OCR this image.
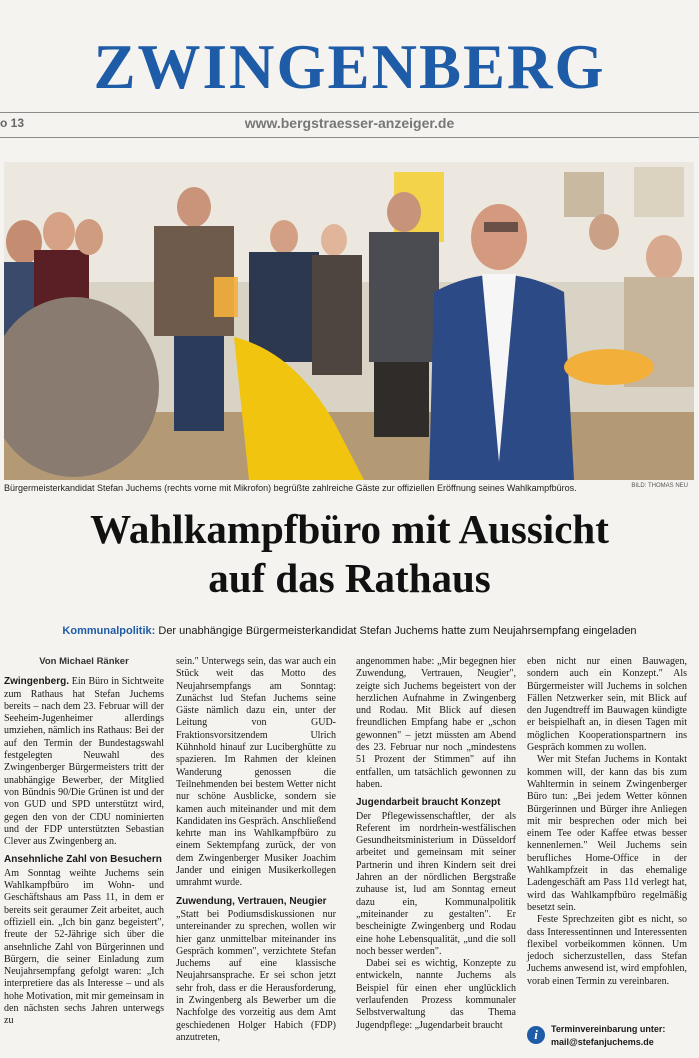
ZWINGENBERG
o 13	www.bergstraesser-anzeiger.de
Bürgermeisterkandidat Stefan Juchems (rechts vorne mit Mikrofon) begrüßte zahlreiche Gäste zur offiziellen Eröffnung seines Wahlkampfbüros.	BILD: THOMAS NEU
Wahlkampfbüro mit Aussicht
auf das Rathaus
Kommunalpolitik: Der unabhängige Bürgermeisterkandidat Stefan Juchems hatte zum Neujahrsempfang eingeladen
Von Michael Ränker

Zwingenberg. Ein Büro in Sichtweite zum Rathaus hat Stefan Juchems bereits – nach dem 23. Februar will der Seeheim-Jugenheimer allerdings umziehen, nämlich ins Rathaus: Bei der auf den Termin der Bundestagswahl festgelegten Neuwahl des Zwingenberger Bürgermeisters tritt der unabhängige Bewerber, der Mitglied von Bündnis 90/Die Grünen ist und der von GUD und SPD unterstützt wird, gegen den von der CDU nominierten und der FDP unterstützten Sebastian Clever aus Zwingenberg an.

Ansehnliche Zahl von Besuchern

Am Sonntag weihte Juchems sein Wahlkampfbüro im Wohn- und Geschäftshaus am Pass 11, in dem er bereits seit geraumer Zeit arbeitet, auch offiziell ein. „Ich bin ganz begeistert", freute der 52-Jährige sich über die ansehnliche Zahl von Bürgerinnen und Bürgern, die seiner Einladung zum Neujahrsempfang gefolgt waren: „Ich interpretiere das als Interesse – und als hohe Motivation, mit mir gemeinsam in den nächsten sechs Jahren unterwegs zu

sein." Unterwegs sein, das war auch ein Stück weit das Motto des Neujahrsempfangs am Sonntag: Zunächst lud Stefan Juchems seine Gäste nämlich dazu ein, unter der Leitung von GUD-Fraktionsvorsitzendem Ulrich Kühnhold hinauf zur Luciberghütte zu spazieren. Im Rahmen der kleinen Wanderung genossen die Teilnehmenden bei bestem Wetter nicht nur schöne Ausblicke, sondern sie kamen auch miteinander und mit dem Kandidaten ins Gespräch. Anschließend kehrte man ins Wahlkampfbüro zu einem Sektempfang zurück, der von dem Zwingenberger Musiker Joachim Jander und einigen Musikerkollegen umrahmt wurde.

Zuwendung, Vertrauen, Neugier

„Statt bei Podiumsdiskussionen nur untereinander zu sprechen, wollen wir hier ganz unmittelbar miteinander ins Gespräch kommen", verzichtete Stefan Juchems auf eine klassische Neujahrsansprache. Er sei schon jetzt sehr froh, dass er die Herausforderung, in Zwingenberg als Bewerber um die Nachfolge des vorzeitig aus dem Amt geschiedenen Holger Habich (FDP) anzutreten,

angenommen habe: „Mir begegnen hier Zuwendung, Vertrauen, Neugier", zeigte sich Juchems begeistert von der herzlichen Aufnahme in Zwingenberg und Rodau. Mit Blick auf diesen freundlichen Empfang habe er „schon gewonnen" – jetzt müssten am Abend des 23. Februar nur noch „mindestens 51 Prozent der Stimmen" auf ihn entfallen, um tatsächlich gewonnen zu haben.

Jugendarbeit braucht Konzept

Der Pflegewissenschaftler, der als Referent im nordrhein-westfälischen Gesundheitsministerium in Düsseldorf arbeitet und gemeinsam mit seiner Partnerin und ihren Kindern seit drei Jahren an der nördlichen Bergstraße zuhause ist, lud am Sonntag erneut dazu ein, Kommunalpolitik „miteinander zu gestalten". Er bescheinigte Zwingenberg und Rodau eine hohe Lebensqualität, „und die soll noch besser werden".

Dabei sei es wichtig, Konzepte zu entwickeln, nannte Juchems als Beispiel für einen eher unglücklich verlaufenden Prozess kommunaler Selbstverwaltung das Thema Jugendpflege: „Jugendarbeit braucht

eben nicht nur einen Bauwagen, sondern auch ein Konzept." Als Bürgermeister will Juchems in solchen Fällen Netzwerker sein, mit Blick auf den Jugendtreff im Bauwagen kündigte er beispielhaft an, in diesen Tagen mit möglichen Kooperationspartnern ins Gespräch kommen zu wollen.

Wer mit Stefan Juchems in Kontakt kommen will, der kann das bis zum Wahltermin in seinem Zwingenberger Büro tun: „Bei jedem Wetter können Bürgerinnen und Bürger ihre Anliegen mit mir besprechen oder mich bei einem Tee oder Kaffee etwas besser kennenlernen." Weil Juchems sein berufliches Home-Office in der Wahlkampfzeit in das ehemalige Ladengeschäft am Pass 11d verlegt hat, wird das Wahlkampfbüro regelmäßig besetzt sein.

Feste Sprechzeiten gibt es nicht, so dass Interessentinnen und Interessenten flexibel vorbeikommen können. Um jedoch sicherzustellen, dass Stefan Juchems anwesend ist, wird empfohlen, vorab einen Termin zu vereinbaren.

i	Terminvereinbarung unter:
mail@stefanjuchems.de
